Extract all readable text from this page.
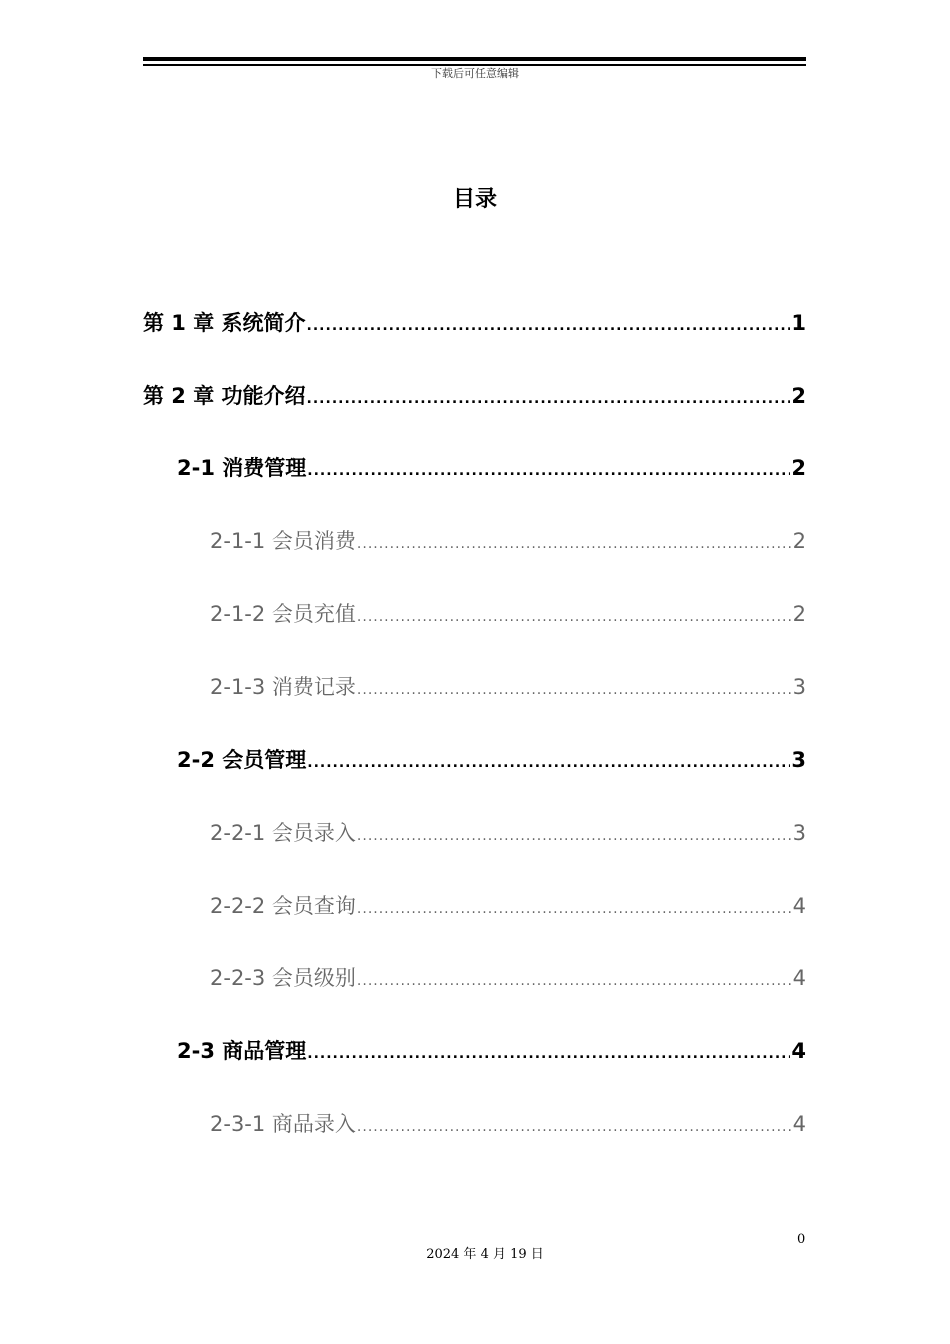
下载后可任意编辑
目录
第 1 章 系统简介 .....	1
第 2 章 功能介绍 .....	2
2-1 消费管理 .....	2
2-1-1 会员消费 .....	2
2-1-2 会员充值 .....	2
2-1-3 消费记录 .....	3
2-2 会员管理 .....	3
2-2-1 会员录入 .....	3
2-2-2 会员查询 .....	4
2-2-3 会员级别 .....	4
2-3 商品管理 .....	4
2-3-1 商品录入 .....	4
0
2024 年 4 月 19 日
